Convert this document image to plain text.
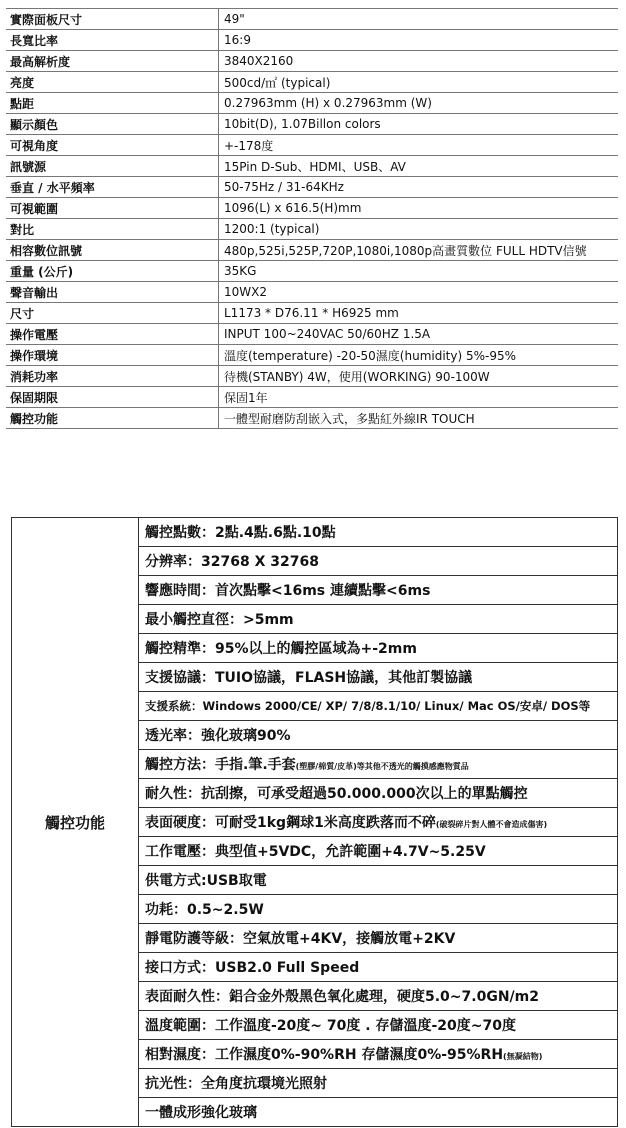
實際面板尺寸	49"
長寬比率	16:9
最高解析度	3840X2160
亮度	500cd/㎡ (typical)
點距	0.27963mm (H) x 0.27963mm (W)
顯示顏色	10bit(D), 1.07Billon colors
可視角度	+-178度
訊號源	15Pin D-Sub、HDMI、USB、AV
垂直 / 水平頻率	50-75Hz / 31-64KHz
可視範圍	1096(L) x 616.5(H)mm
對比	1200:1 (typical)
相容數位訊號	480p,525i,525P,720P,1080i,1080p高畫質數位 FULL HDTV信號
重量 (公斤)	35KG
聲音輸出	10WX2
尺寸	L1173 * D76.11 * H6925 mm
操作電壓	INPUT 100~240VAC 50/60HZ 1.5A
操作環境	溫度(temperature) -20-50濕度(humidity) 5%-95%
消耗功率	待機(STANBY) 4W，使用(WORKING) 90-100W
保固期限	保固1年
觸控功能	一體型耐磨防刮嵌入式，多點紅外線IR TOUCH
觸控功能	觸控點數：2點.4點.6點.10點
分辨率：32768 X 32768
響應時間：首次點擊<16ms 連續點擊<6ms
最小觸控直徑：>5mm
觸控精準：95%以上的觸控區域為+-2mm
支援協議：TUIO協議，FLASH協議，其他訂製協議
支援系統：Windows 2000/CE/ XP/ 7/8/8.1/10/ Linux/ Mac OS/安卓/ DOS等
透光率：強化玻璃90%
觸控方法：手指.筆.手套(塑膠/棉質/皮革)等其他不透光的觸摸感應物質品
耐久性：抗刮擦，可承受超過50.000.000次以上的單點觸控
表面硬度：可耐受1kg鋼球1米高度跌落而不碎(破裂碎片對人體不會造成傷害)
工作電壓：典型值+5VDC，允許範圍+4.7V~5.25V
供電方式:USB取電
功耗：0.5~2.5W
靜電防護等級：空氣放電+4KV，接觸放電+2KV
接口方式：USB2.0 Full Speed
表面耐久性：鋁合金外殼黑色氧化處理，硬度5.0~7.0GN/m2
溫度範圍：工作溫度-20度~ 70度 . 存儲溫度-20度~70度
相對濕度：工作濕度0%-90%RH 存儲濕度0%-95%RH(無凝結物)
抗光性：全角度抗環境光照射
一體成形強化玻璃
